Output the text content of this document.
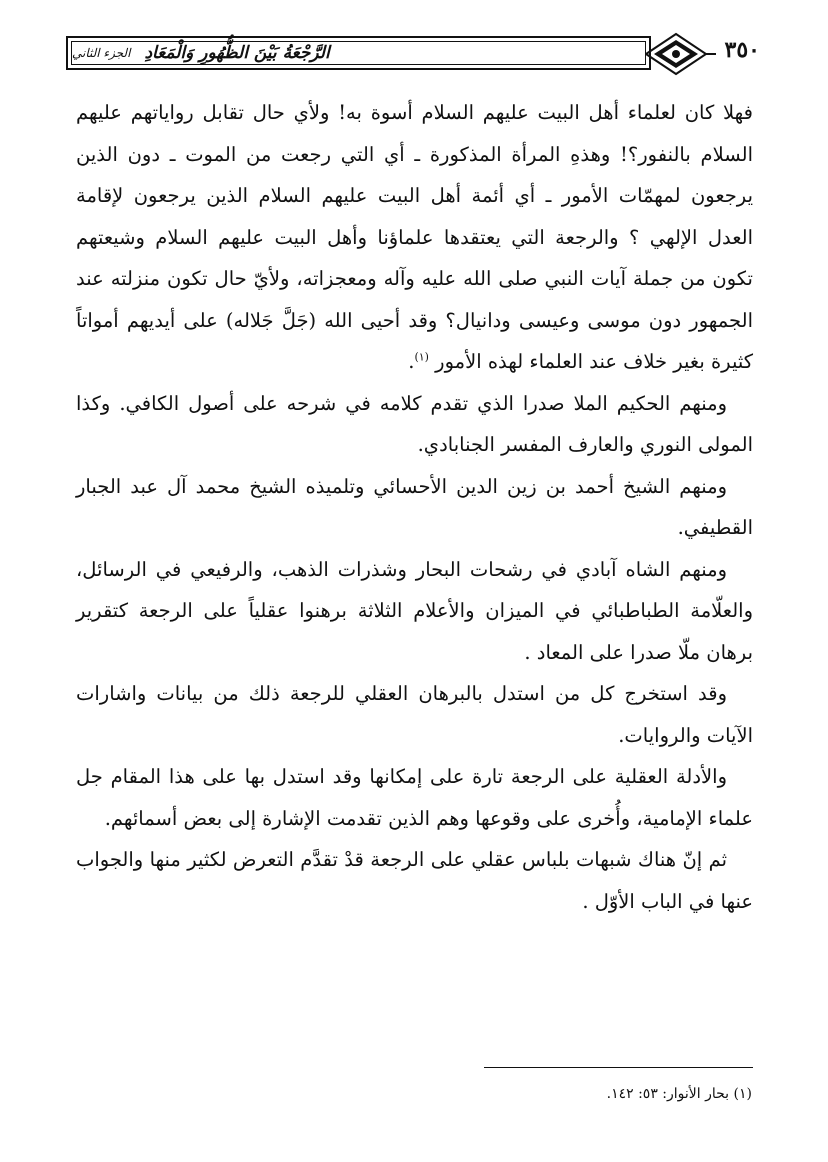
الرَّجْعَةُ بَيْنَ الظُّهُورِ وَالْمَعَادِ
الجزء الثاني	٣٥٠

فهلا كان لعلماء أهل البيت عليهم السلام أسوة به! ولأي حال تقابل رواياتهم عليهم السلام بالنفور؟! وهذهِ المرأة المذكورة ـ أي التي رجعت من الموت ـ دون الذين يرجعون لمهمّات الأمور ـ أي أئمة أهل البيت عليهم السلام الذين يرجعون لإقامة العدل الإلهي ؟ والرجعة التي يعتقدها علماؤنا وأهل البيت عليهم السلام وشيعتهم تكون من جملة آيات النبي صلى الله عليه وآله ومعجزاته، ولأيّ حال تكون منزلته عند الجمهور دون موسى وعيسى ودانيال؟ وقد أحيى الله (جَلَّ جَلاله) على أيديهم أمواتاً كثيرة بغير خلاف عند العلماء لهذه الأمور $^{(١)}$.

ومنهم الحكيم الملا صدرا الذي تقدم كلامه في شرحه على أصول الكافي. وكذا المولى النوري والعارف المفسر الجنابادي.

ومنهم الشيخ أحمد بن زين الدين الأحسائي وتلميذه الشيخ محمد آل عبد الجبار القطيفي.

ومنهم الشاه آبادي في رشحات البحار وشذرات الذهب، والرفيعي في الرسائل، والعلّامة الطباطبائي في الميزان والأعلام الثلاثة برهنوا عقلياً على الرجعة كتقرير برهان ملّا صدرا على المعاد .

وقد استخرج كل من استدل بالبرهان العقلي للرجعة ذلك من بيانات واشارات الآيات والروايات.

والأدلة العقلية على الرجعة تارة على إمكانها وقد استدل بها على هذا المقام جل علماء الإمامية، وأُخرى على وقوعها وهم الذين تقدمت الإشارة إلى بعض أسمائهم.

ثم إنّ هناك شبهات بلباس عقلي على الرجعة قدْ تقدَّم التعرض لكثير منها والجواب عنها في الباب الأوّل .

(١) بحار الأنوار: ٥٣: ١٤٢.
